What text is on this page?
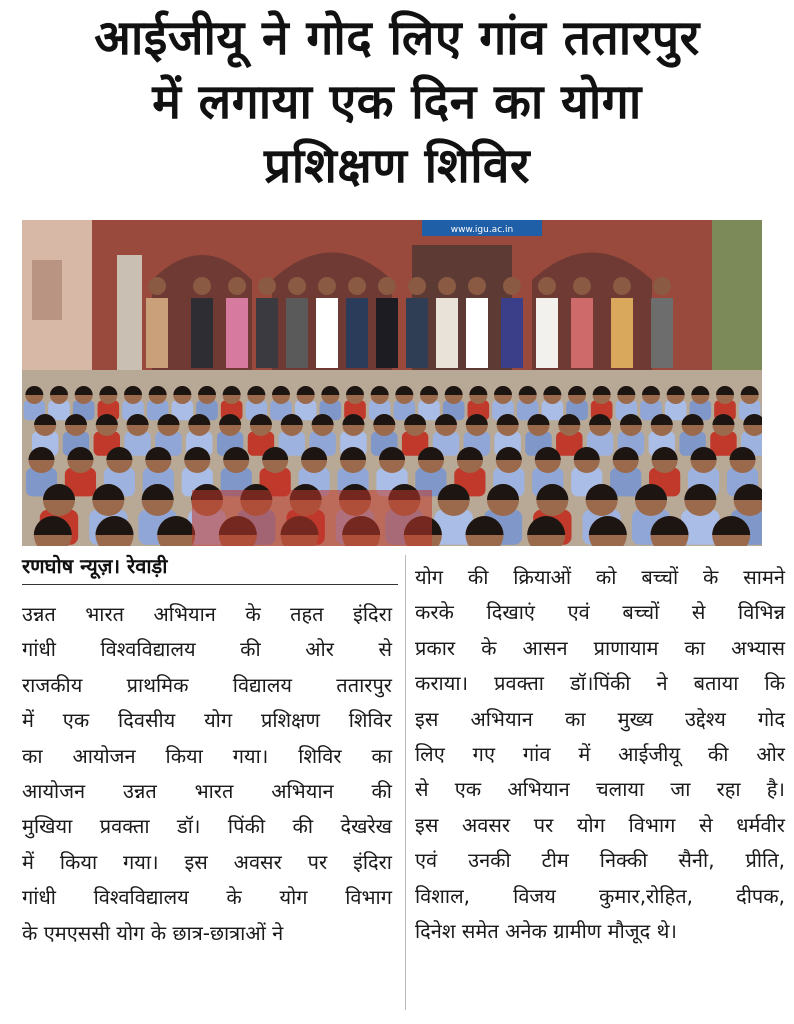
आईजीयू ने गोद लिए गांव ततारपुर
में लगाया एक दिन का योगा
प्रशिक्षण शिविर
www.igu.ac.in
रणघोष न्यूज़। रेवाड़ी
उन्नत भारत अभियान के तहत इंदिरा
गांधी विश्वविद्यालय की ओर से
राजकीय प्राथमिक विद्यालय ततारपुर
में एक दिवसीय योग प्रशिक्षण शिविर
का आयोजन किया गया। शिविर का
आयोजन उन्नत भारत अभियान की
मुखिया प्रवक्ता डॉ। पिंकी की देखरेख
में किया गया। इस अवसर पर इंदिरा
गांधी विश्वविद्यालय के योग विभाग
के एमएससी योग के छात्र-छात्राओं ने
योग की क्रियाओं को बच्चों के सामने
करके दिखाएं एवं बच्चों से विभिन्न
प्रकार के आसन प्राणायाम का अभ्यास
कराया। प्रवक्ता डॉ।पिंकी ने बताया कि
इस अभियान का मुख्य उद्देश्य गोद
लिए गए गांव में आईजीयू की ओर
से एक अभियान चलाया जा रहा है।
इस अवसर पर योग विभाग से धर्मवीर
एवं उनकी टीम निक्की सैनी, प्रीति,
विशाल, विजय कुमार,रोहित, दीपक,
दिनेश समेत अनेक ग्रामीण मौजूद थे।
